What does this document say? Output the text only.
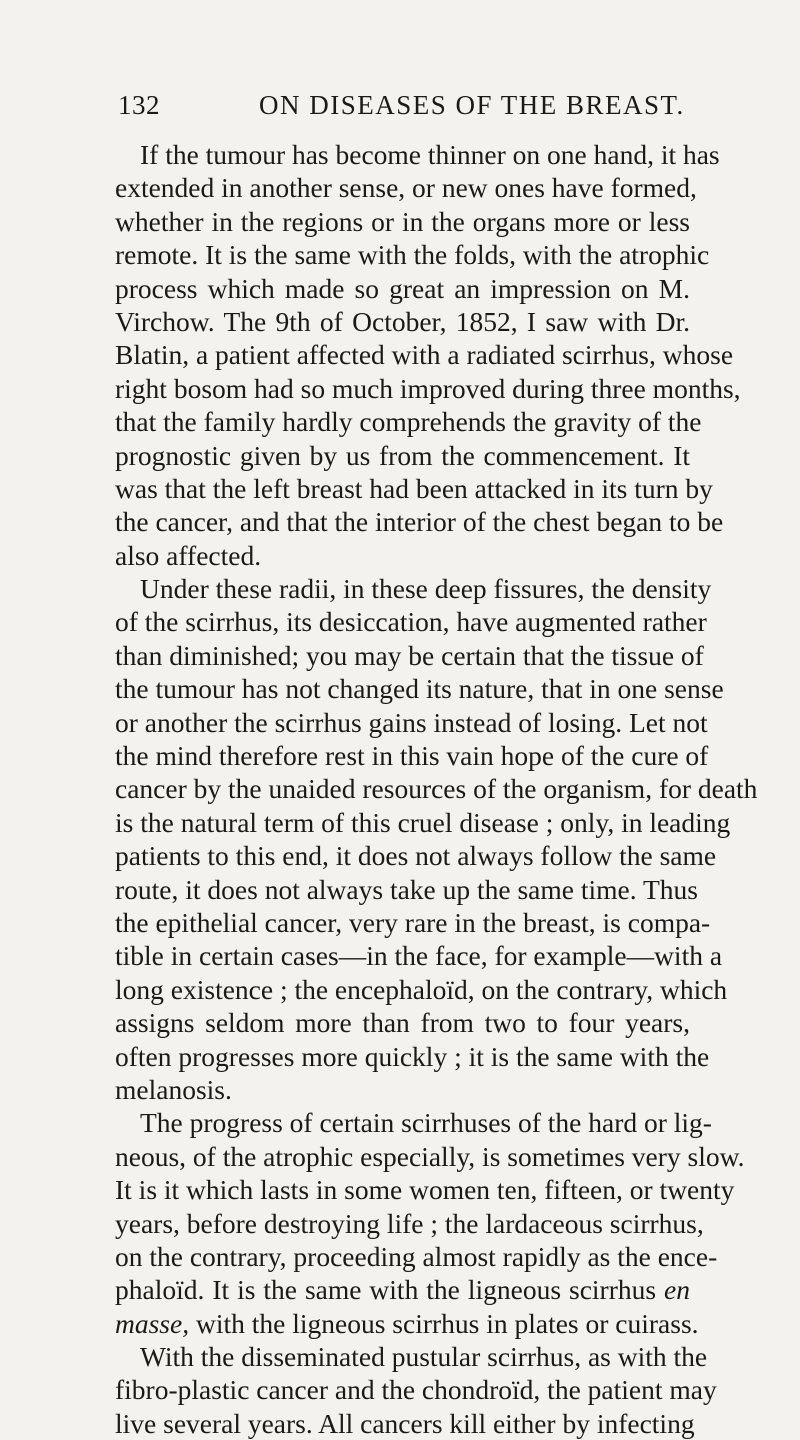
132	ON DISEASES OF THE BREAST.
If the tumour has become thinner on one hand, it has
extended in another sense, or new ones have formed,
whether in the regions or in the organs more or less
remote. It is the same with the folds, with the atrophic
process which made so great an impression on M.
Virchow. The 9th of October, 1852, I saw with Dr.
Blatin, a patient affected with a radiated scirrhus, whose
right bosom had so much improved during three months,
that the family hardly comprehends the gravity of the
prognostic given by us from the commencement. It
was that the left breast had been attacked in its turn by
the cancer, and that the interior of the chest began to be
also affected.
Under these radii, in these deep fissures, the density
of the scirrhus, its desiccation, have augmented rather
than diminished; you may be certain that the tissue of
the tumour has not changed its nature, that in one sense
or another the scirrhus gains instead of losing. Let not
the mind therefore rest in this vain hope of the cure of
cancer by the unaided resources of the organism, for death
is the natural term of this cruel disease ; only, in leading
patients to this end, it does not always follow the same
route, it does not always take up the same time. Thus
the epithelial cancer, very rare in the breast, is compa-
tible in certain cases—in the face, for example—with a
long existence ; the encephaloïd, on the contrary, which
assigns seldom more than from two to four years,
often progresses more quickly ; it is the same with the
melanosis.
The progress of certain scirrhuses of the hard or lig-
neous, of the atrophic especially, is sometimes very slow.
It is it which lasts in some women ten, fifteen, or twenty
years, before destroying life ; the lardaceous scirrhus,
on the contrary, proceeding almost rapidly as the ence-
phaloïd. It is the same with the ligneous scirrhus en
masse, with the ligneous scirrhus in plates or cuirass.
With the disseminated pustular scirrhus, as with the
fibro-plastic cancer and the chondroïd, the patient may
live several years. All cancers kill either by infecting
